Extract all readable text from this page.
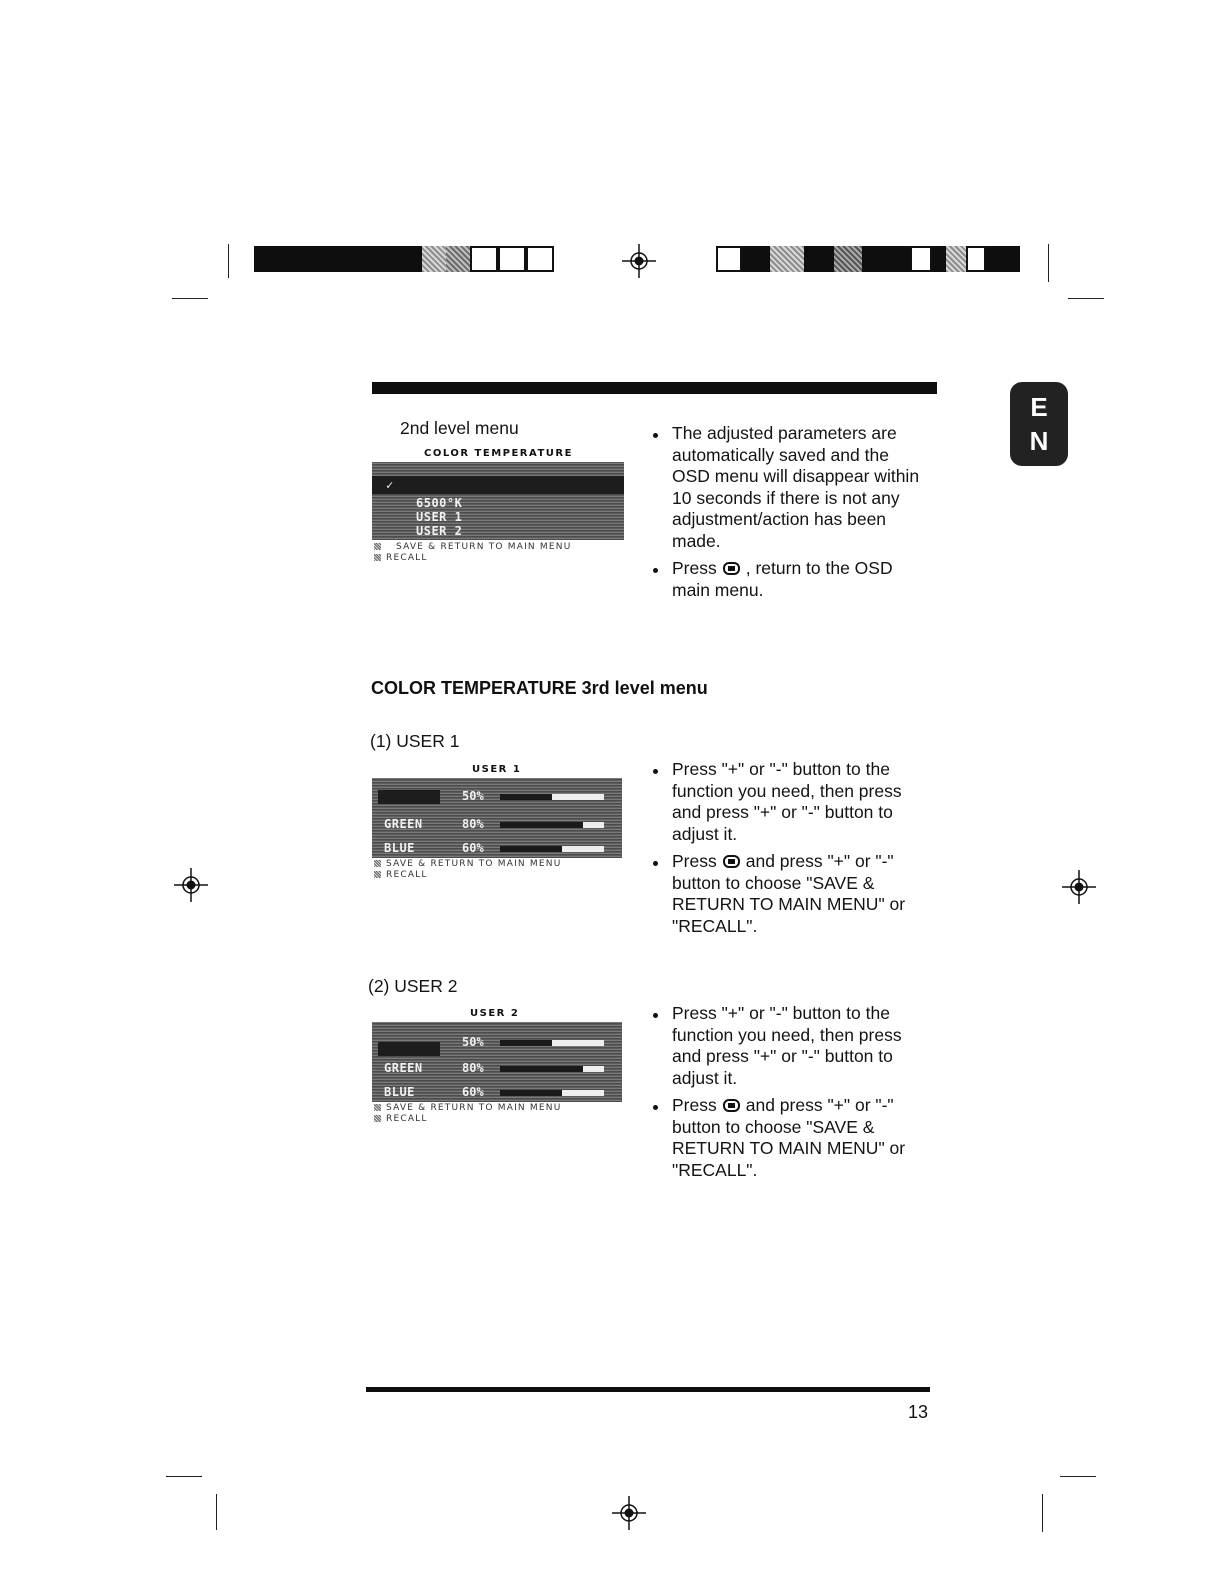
E
N
2nd level menu
COLOR TEMPERATURE
✓
6500°K
USER 1
USER 2
SAVE & RETURN TO MAIN MENU
RECALL
The adjusted parameters are automatically saved and the OSD menu will disappear within 10 seconds if there is not any adjustment/action has been made.
Press , return to the OSD main menu.
COLOR TEMPERATURE 3rd level menu
(1) USER 1
USER 1
50%
GREEN	80%
BLUE	60%
SAVE & RETURN TO MAIN MENU
RECALL
Press "+" or "-" button to the function you need, then press and press "+" or "-" button to adjust it.
Press and press "+" or "-" button to choose "SAVE & RETURN TO MAIN MENU" or "RECALL".
(2) USER 2
USER 2
50%
GREEN	80%
BLUE	60%
SAVE & RETURN TO MAIN MENU
RECALL
Press "+" or "-" button to the function you need, then press and press "+" or "-" button to adjust it.
Press and press "+" or "-" button to choose "SAVE & RETURN TO MAIN MENU" or "RECALL".
13
